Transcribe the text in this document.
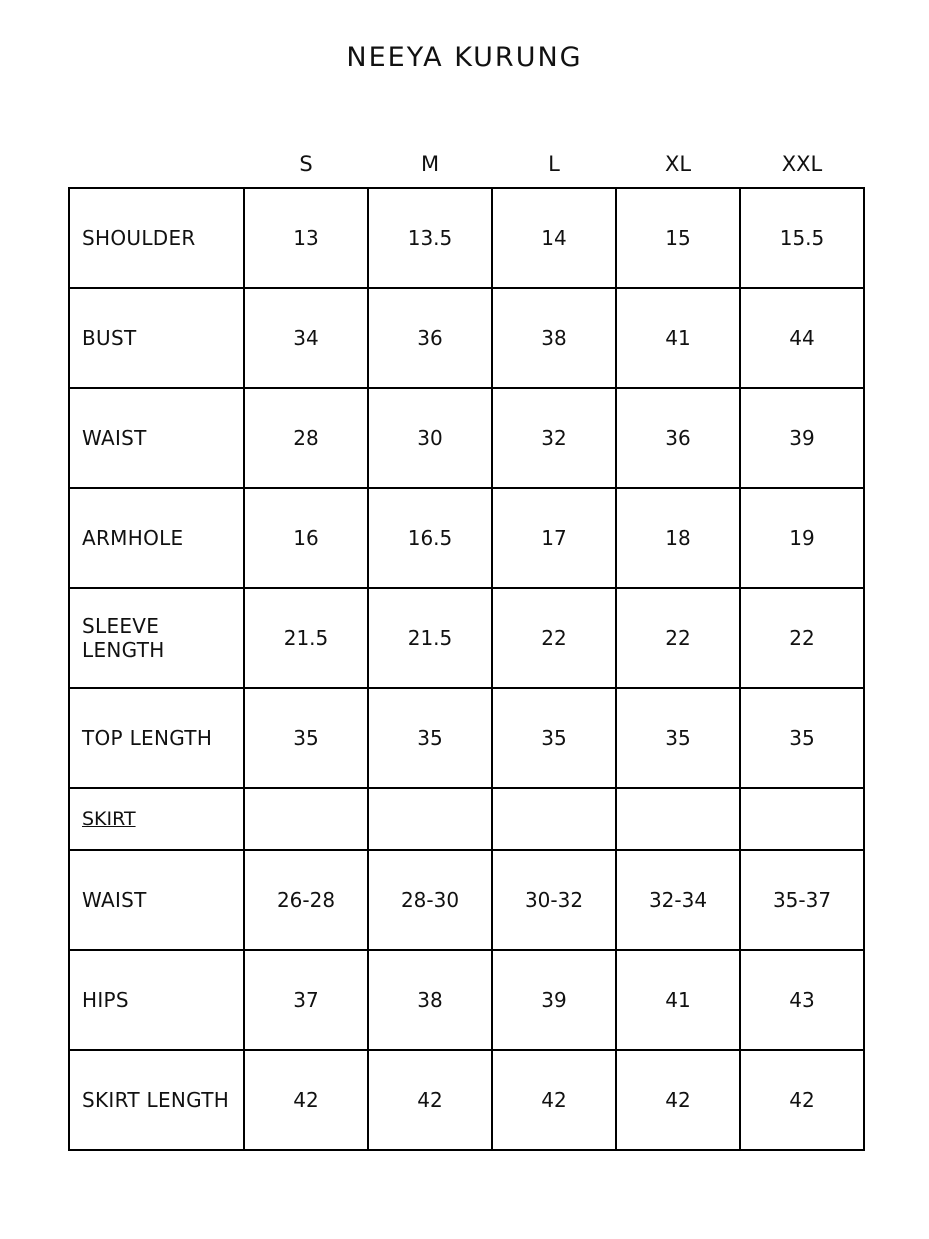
NEEYA KURUNG
	S	M	L	XL	XXL
SHOULDER	13	13.5	14	15	15.5
BUST	34	36	38	41	44
WAIST	28	30	32	36	39
ARMHOLE	16	16.5	17	18	19
SLEEVE LENGTH	21.5	21.5	22	22	22
TOP LENGTH	35	35	35	35	35
SKIRT					
WAIST	26-28	28-30	30-32	32-34	35-37
HIPS	37	38	39	41	43
SKIRT LENGTH	42	42	42	42	42
